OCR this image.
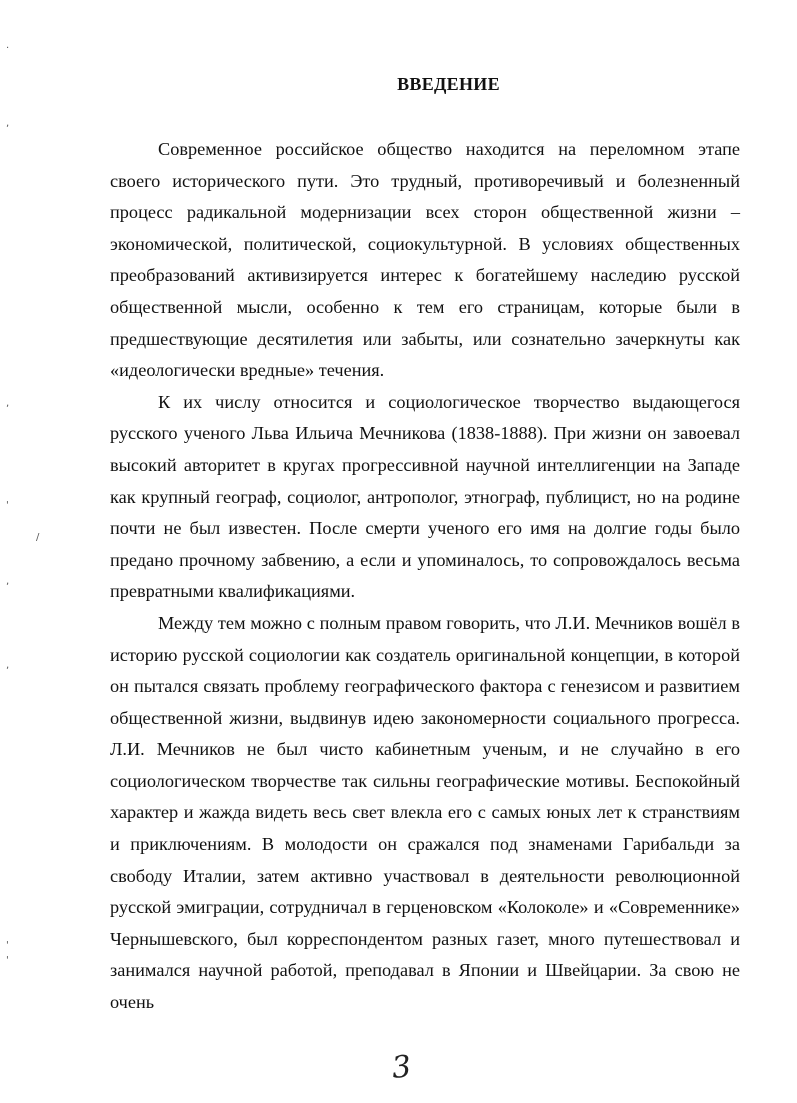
ВВЕДЕНИЕ

Современное российское общество находится на переломном этапе своего исторического пути. Это трудный, противоречивый и болезненный процесс радикальной модернизации всех сторон общественной жизни – экономической, политической, социокультурной. В условиях общественных преобразований активизируется интерес к богатейшему наследию русской общественной мысли, особенно к тем его страницам, которые были в предшествующие десятилетия или забыты, или сознательно зачеркнуты как «идеологически вредные» течения.

К их числу относится и социологическое творчество выдающегося русского ученого Льва Ильича Мечникова (1838-1888). При жизни он завоевал высокий авторитет в кругах прогрессивной научной интеллигенции на Западе как крупный географ, социолог, антрополог, этнограф, публицист, но на родине почти не был известен. После смерти ученого его имя на долгие годы было предано прочному забвению, а если и упоминалось, то сопровождалось весьма превратными квалификациями.

Между тем можно с полным правом говорить, что Л.И. Мечников вошёл в историю русской социологии как создатель оригинальной концепции, в которой он пытался связать проблему географического фактора с генезисом и развитием общественной жизни, выдвинув идею закономерности социального прогресса. Л.И. Мечников не был чисто кабинетным ученым, и не случайно в его социологическом творчестве так сильны географические мотивы. Беспокойный характер и жажда видеть весь свет влекла его с самых юных лет к странствиям и приключениям. В молодости он сражался под знаменами Гарибальди за свободу Италии, затем активно участвовал в деятельности революционной русской эмиграции, сотрудничал в герценовском «Колоколе» и «Современнике» Чернышевского, был корреспондентом разных газет, много путешествовал и занимался научной работой, преподавал в Японии и Швейцарии. За свою не очень

3
.
,
,
'
/
,
,
'
'
